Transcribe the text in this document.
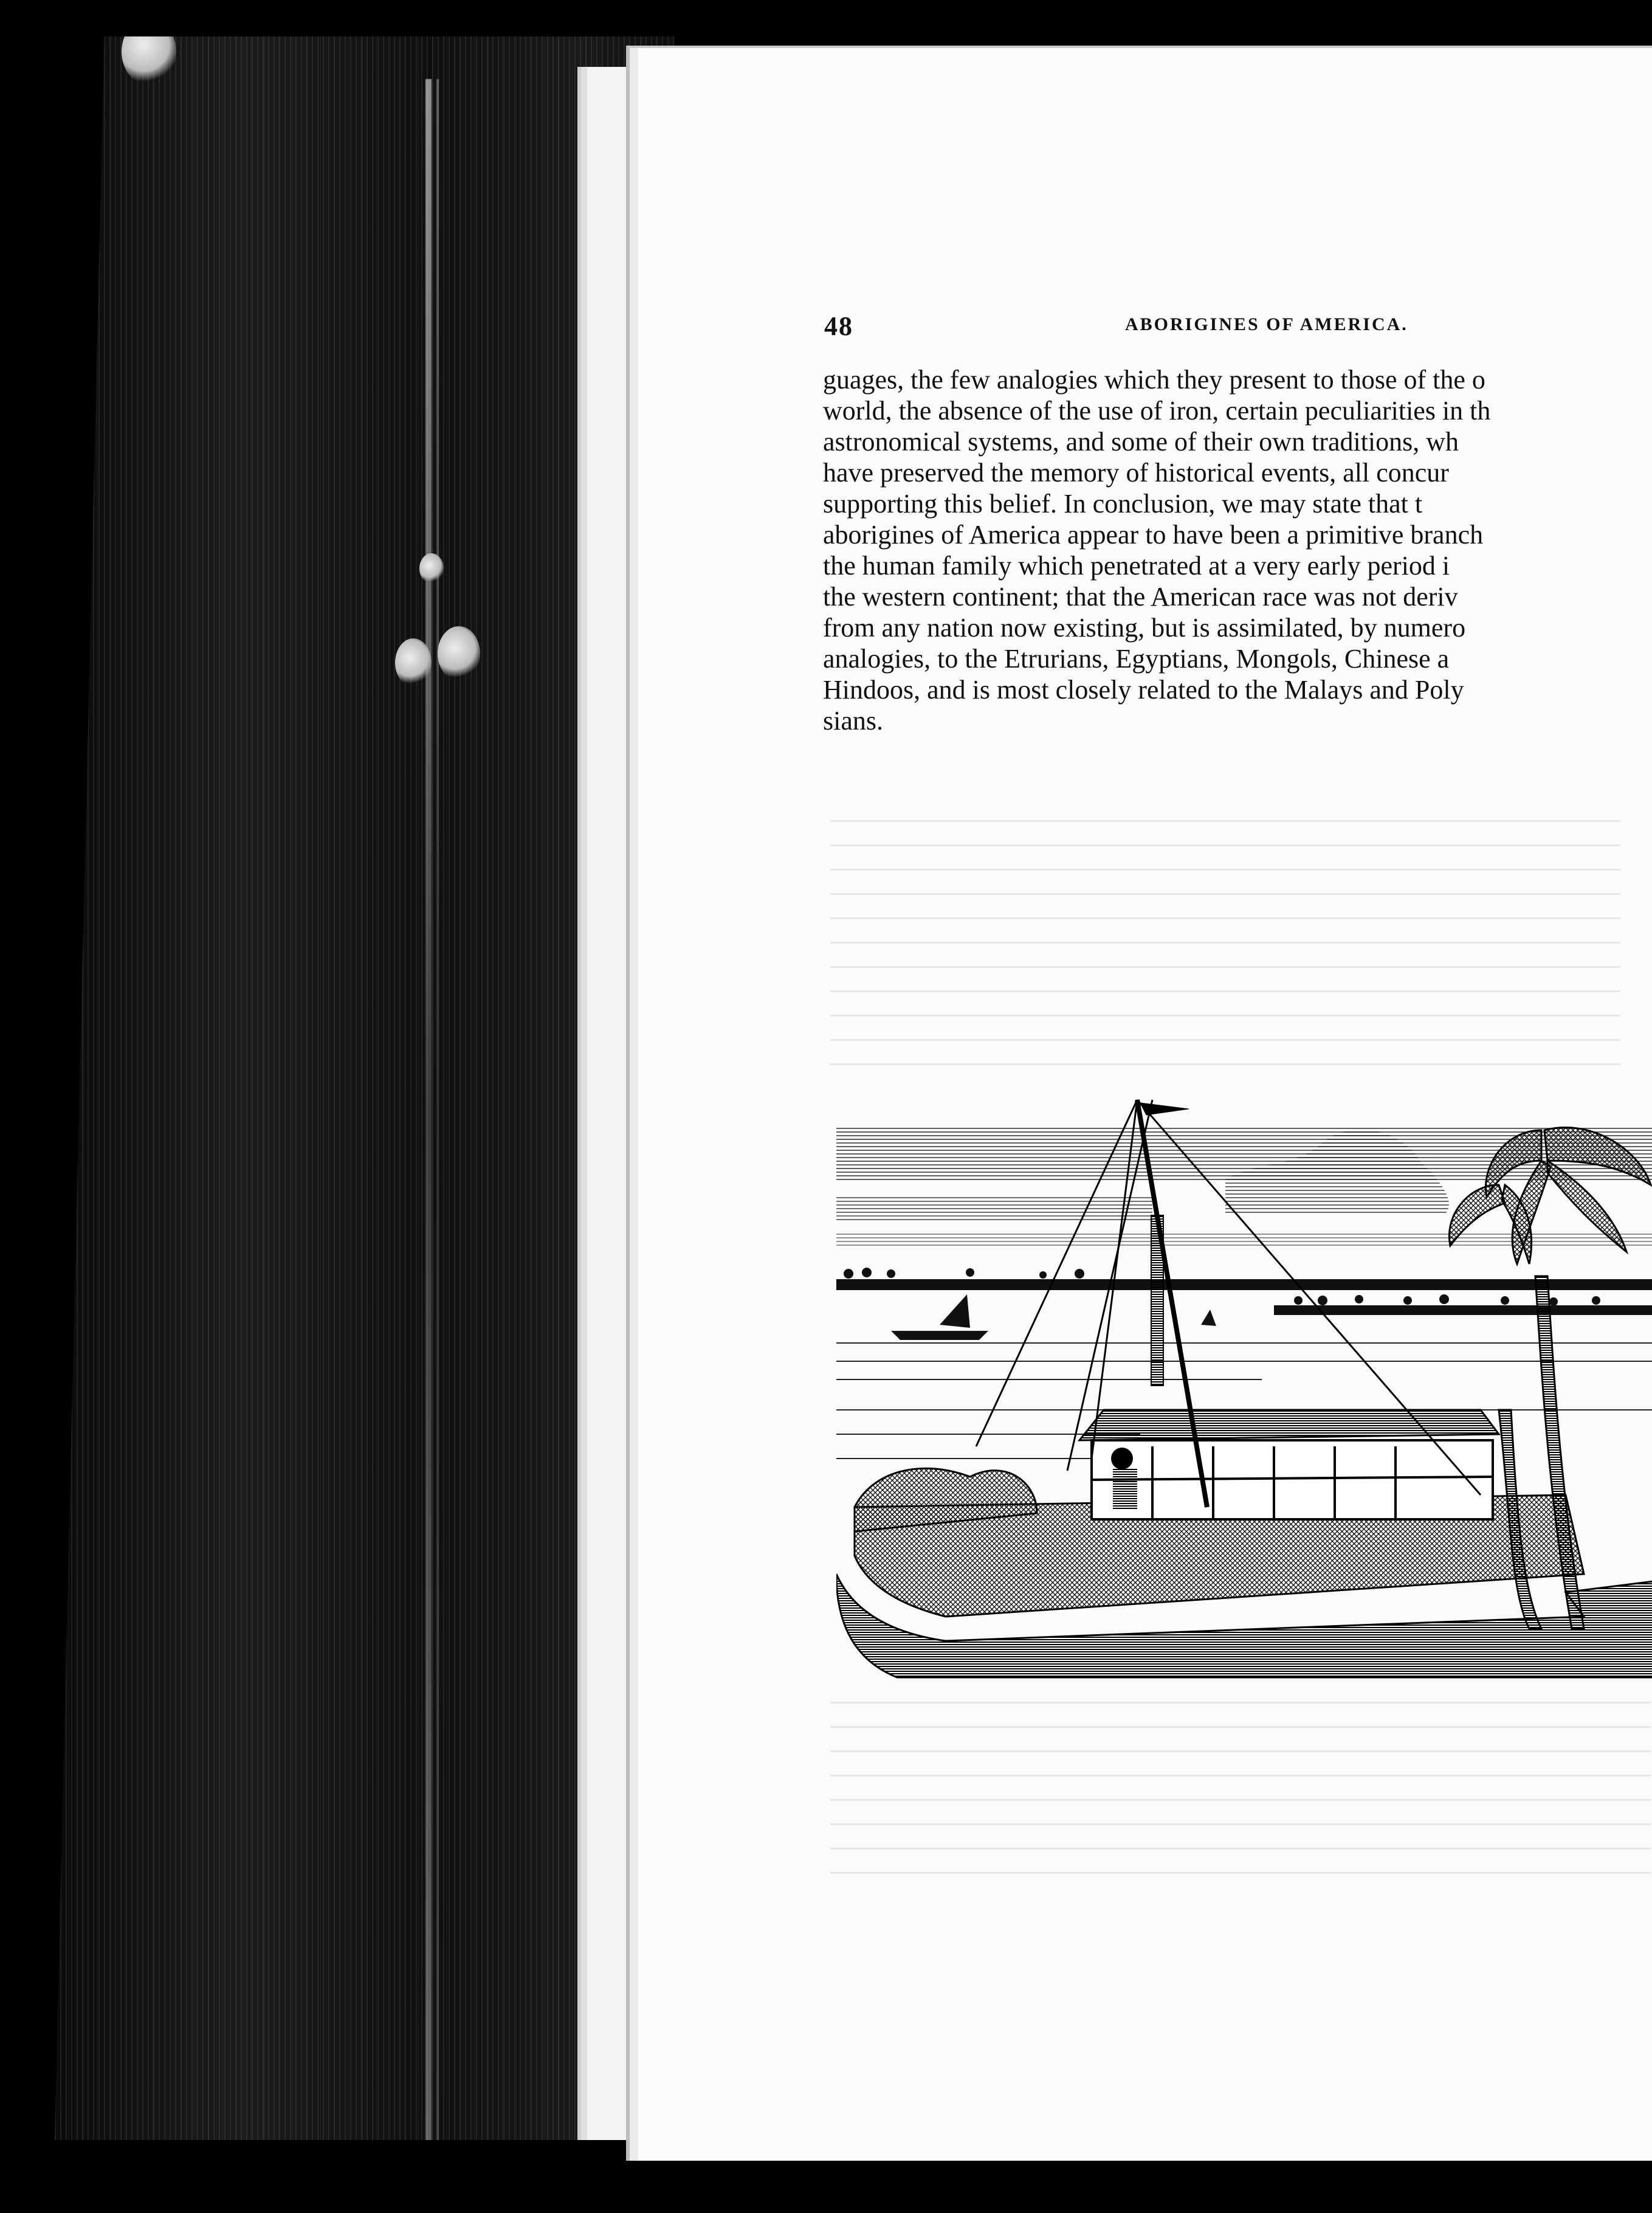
48	ABORIGINES OF AMERICA.
guages, the few analogies which they present to those of the o
world, the absence of the use of iron, certain peculiarities in th
astronomical systems, and some of their own traditions, wh
have preserved the memory of historical events, all concur
supporting this belief. In conclusion, we may state that t
aborigines of America appear to have been a primitive branch
the human family which penetrated at a very early period i
the western continent; that the American race was not deriv
from any nation now existing, but is assimilated, by numero
analogies, to the Etrurians, Egyptians, Mongols, Chinese a
Hindoos, and is most closely related to the Malays and Poly
sians.
